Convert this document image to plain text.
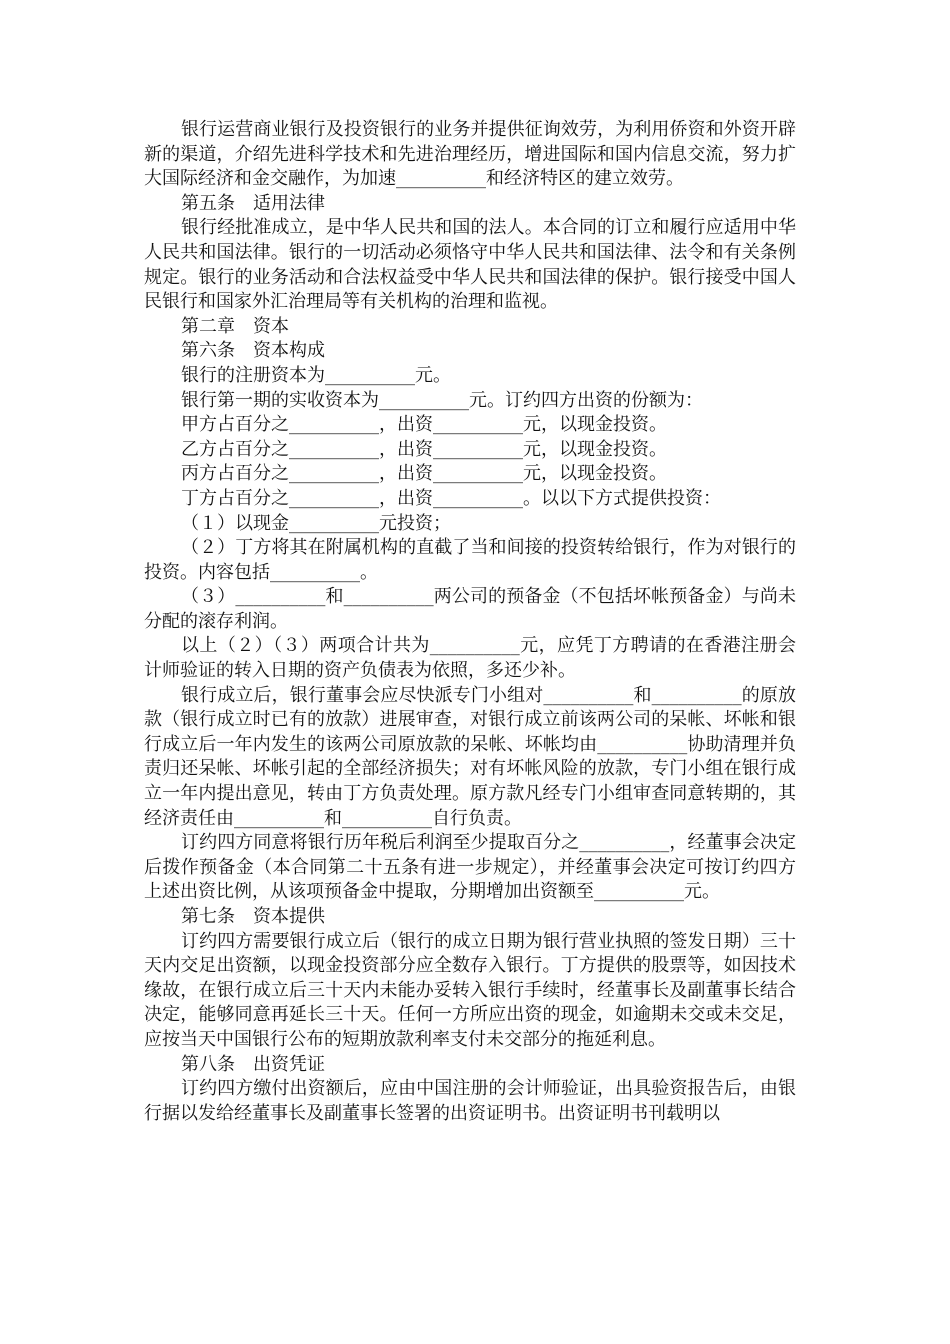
银行运营商业银行及投资银行的业务并提供征询效劳，为利用侨资和外资开辟新的渠道，介绍先进科学技术和先进治理经历，增进国际和国内信息交流，努力扩大国际经济和金交融作，为加速__________和经济特区的建立效劳。

第五条　适用法律

银行经批准成立，是中华人民共和国的法人。本合同的订立和履行应适用中华人民共和国法律。银行的一切活动必须恪守中华人民共和国法律、法令和有关条例规定。银行的业务活动和合法权益受中华人民共和国法律的保护。银行接受中国人民银行和国家外汇治理局等有关机构的治理和监视。

第二章　资本

第六条　资本构成

银行的注册资本为__________元。

银行第一期的实收资本为__________元。订约四方出资的份额为：

甲方占百分之__________，出资__________元，以现金投资。

乙方占百分之__________，出资__________元，以现金投资。

丙方占百分之__________，出资__________元，以现金投资。

丁方占百分之__________，出资__________。以以下方式提供投资：

（１）以现金__________元投资；

（２）丁方将其在附属机构的直截了当和间接的投资转给银行，作为对银行的投资。内容包括__________。

（３）__________和__________两公司的预备金（不包括坏帐预备金）与尚未分配的滚存利润。

以上（２）（３）两项合计共为__________元，应凭丁方聘请的在香港注册会计师验证的转入日期的资产负债表为依照，多还少补。

银行成立后，银行董事会应尽快派专门小组对__________和__________的原放款（银行成立时已有的放款）进展审查，对银行成立前该两公司的呆帐、坏帐和银行成立后一年内发生的该两公司原放款的呆帐、坏帐均由__________协助清理并负责归还呆帐、坏帐引起的全部经济损失；对有坏帐风险的放款，专门小组在银行成立一年内提出意见，转由丁方负责处理。原方款凡经专门小组审查同意转期的，其经济责任由__________和__________自行负责。

订约四方同意将银行历年税后利润至少提取百分之__________，经董事会决定后拨作预备金（本合同第二十五条有进一步规定），并经董事会决定可按订约四方上述出资比例，从该项预备金中提取，分期增加出资额至__________元。

第七条　资本提供

订约四方需要银行成立后（银行的成立日期为银行营业执照的签发日期）三十天内交足出资额，以现金投资部分应全数存入银行。丁方提供的股票等，如因技术缘故，在银行成立后三十天内未能办妥转入银行手续时，经董事长及副董事长结合决定，能够同意再延长三十天。任何一方所应出资的现金，如逾期未交或未交足，应按当天中国银行公布的短期放款利率支付未交部分的拖延利息。

第八条　出资凭证

订约四方缴付出资额后，应由中国注册的会计师验证，出具验资报告后，由银行据以发给经董事长及副董事长签署的出资证明书。出资证明书刊载明以
